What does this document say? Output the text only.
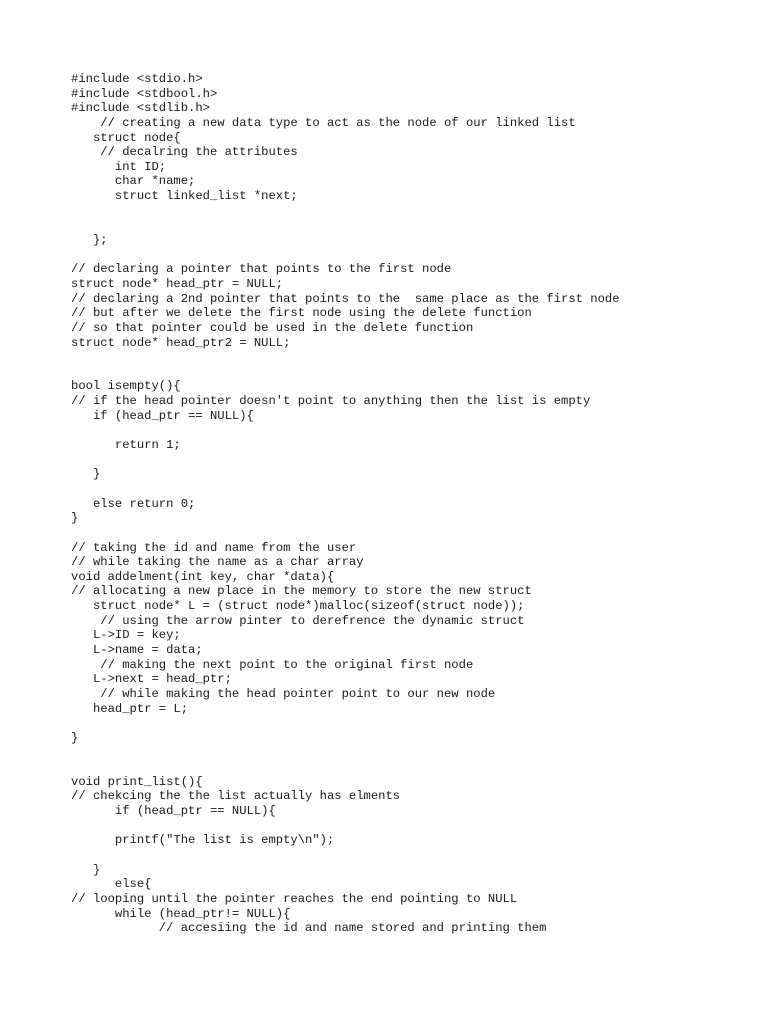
#include <stdio.h>
#include <stdbool.h>
#include <stdlib.h>
// creating a new data type to act as the node of our linked list
struct node{
// decalring the attributes
int ID;
char *name;
struct linked_list *next;
};
// declaring a pointer that points to the first node
struct node* head_ptr = NULL;
// declaring a 2nd pointer that points to the  same place as the first node
// but after we delete the first node using the delete function
// so that pointer could be used in the delete function
struct node* head_ptr2 = NULL;
bool isempty(){
// if the head pointer doesn't point to anything then the list is empty
if (head_ptr == NULL){
return 1;
}
else return 0;
}
// taking the id and name from the user
// while taking the name as a char array
void addelment(int key, char *data){
// allocating a new place in the memory to store the new struct
struct node* L = (struct node*)malloc(sizeof(struct node));
// using the arrow pinter to derefrence the dynamic struct
L->ID = key;
L->name = data;
// making the next point to the original first node
L->next = head_ptr;
// while making the head pointer point to our new node
head_ptr = L;
}
void print_list(){
// chekcing the the list actually has elments
if (head_ptr == NULL){
printf("The list is empty\n");
}
else{
// looping until the pointer reaches the end pointing to NULL
while (head_ptr!= NULL){
// accesiing the id and name stored and printing them
